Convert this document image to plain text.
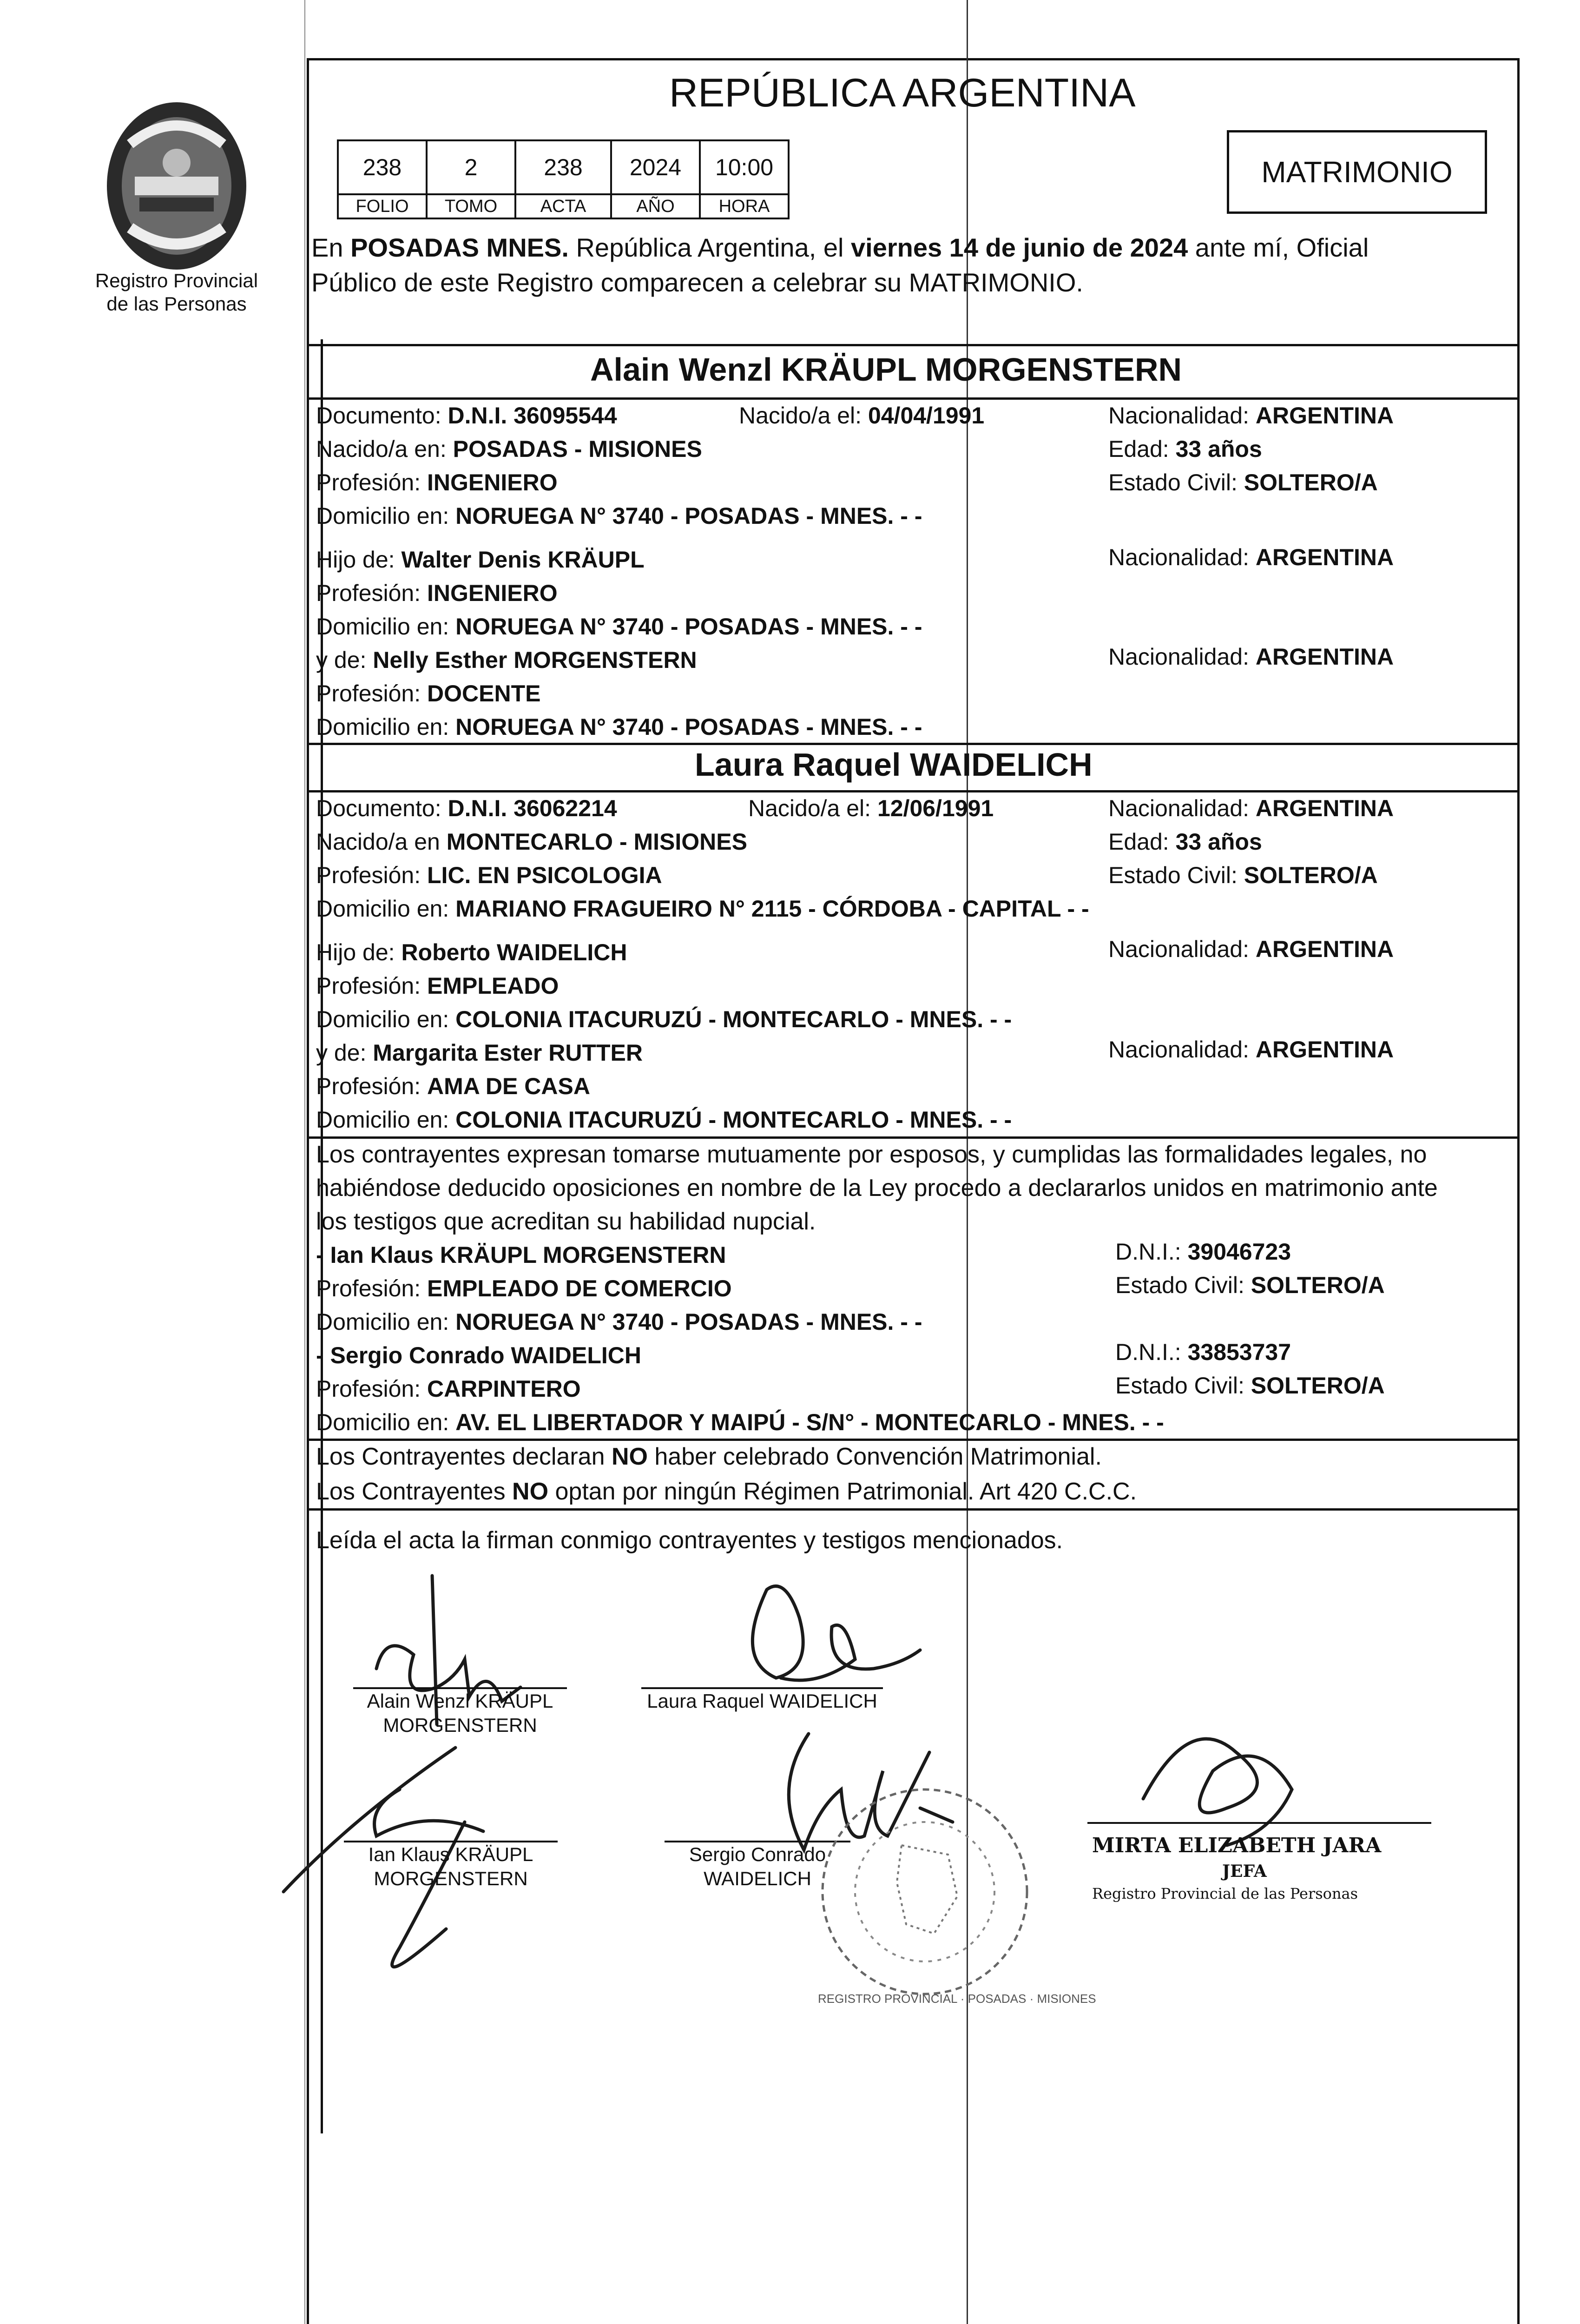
Registro Provincial
de las Personas
REPÚBLICA ARGENTINA
MATRIMONIO
238	2	238	2024	10:00
FOLIO	TOMO	ACTA	AÑO	HORA
En POSADAS MNES. República Argentina, el viernes 14 de junio de 2024 ante mí, Oficial
Público de este Registro comparecen a celebrar su MATRIMONIO.
Alain Wenzl KRÄUPL MORGENSTERN
Documento: D.N.I. 36095544	Nacido/a el: 04/04/1991	Nacionalidad: ARGENTINA
Nacido/a en: POSADAS - MISIONES	Edad: 33 años
Profesión: INGENIERO	Estado Civil: SOLTERO/A
Domicilio en: NORUEGA N° 3740 - POSADAS - MNES. - -
Hijo de: Walter Denis KRÄUPL	Nacionalidad: ARGENTINA
Profesión: INGENIERO
Domicilio en: NORUEGA N° 3740 - POSADAS - MNES. - -
y de: Nelly Esther MORGENSTERN	Nacionalidad: ARGENTINA
Profesión: DOCENTE
Domicilio en: NORUEGA N° 3740 - POSADAS - MNES. - -
Laura Raquel WAIDELICH
Documento: D.N.I. 36062214	Nacido/a el: 12/06/1991	Nacionalidad: ARGENTINA
Nacido/a en MONTECARLO - MISIONES	Edad: 33 años
Profesión: LIC. EN PSICOLOGIA	Estado Civil: SOLTERO/A
Domicilio en: MARIANO FRAGUEIRO N° 2115 - CÓRDOBA - CAPITAL - -
Hijo de: Roberto WAIDELICH	Nacionalidad: ARGENTINA
Profesión: EMPLEADO
Domicilio en: COLONIA ITACURUZÚ - MONTECARLO - MNES. - -
y de: Margarita Ester RUTTER	Nacionalidad: ARGENTINA
Profesión: AMA DE CASA
Domicilio en: COLONIA ITACURUZÚ - MONTECARLO - MNES. - -
Los contrayentes expresan tomarse mutuamente por esposos, y cumplidas las formalidades legales, no
habiéndose deducido oposiciones en nombre de la Ley procedo a declararlos unidos en matrimonio ante
los testigos que acreditan su habilidad nupcial.
- Ian Klaus KRÄUPL MORGENSTERN	D.N.I.: 39046723
Profesión: EMPLEADO DE COMERCIO	Estado Civil: SOLTERO/A
Domicilio en: NORUEGA N° 3740 - POSADAS - MNES. - -
- Sergio Conrado WAIDELICH	D.N.I.: 33853737
Profesión: CARPINTERO	Estado Civil: SOLTERO/A
Domicilio en: AV. EL LIBERTADOR Y MAIPÚ - S/N° - MONTECARLO - MNES. - -
Los Contrayentes declaran NO haber celebrado Convención Matrimonial.
Los Contrayentes NO optan por ningún Régimen Patrimonial. Art 420 C.C.C.
Leída el acta la firman conmigo contrayentes y testigos mencionados.
Alain Wenzl KRÄUPL
MORGENSTERN
Laura Raquel WAIDELICH
Ian Klaus KRÄUPL
MORGENSTERN
Sergio Conrado
WAIDELICH
REGISTRO PROVINCIAL · POSADAS · MISIONES
MIRTA ELIZABETH JARA
JEFA
Registro Provincial de las Personas
